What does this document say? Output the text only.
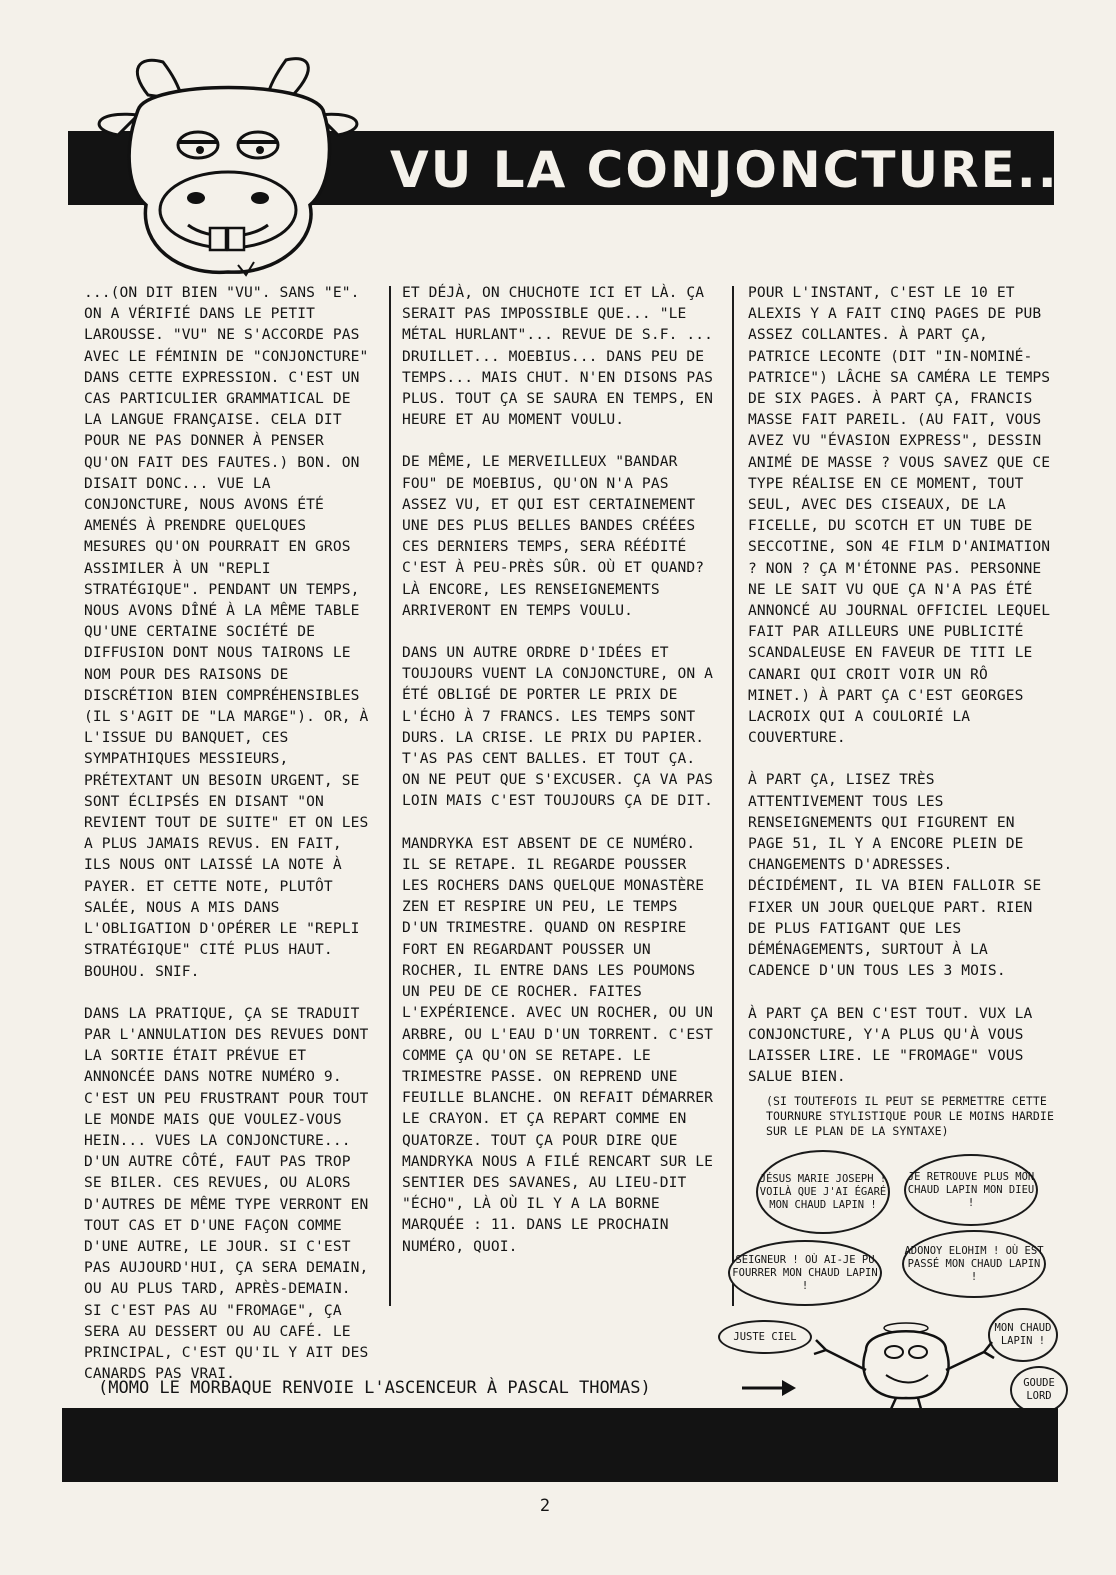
VU LA CONJONCTURE...

...(ON DIT BIEN "VU". SANS "E". ON A VÉRIFIÉ DANS LE PETIT LAROUSSE. "VU" NE S'ACCORDE PAS AVEC LE FÉMININ DE "CONJONCTURE" DANS CETTE EXPRESSION. C'EST UN CAS PARTICULIER GRAMMATICAL DE LA LANGUE FRANÇAISE. CELA DIT POUR NE PAS DONNER À PENSER QU'ON FAIT DES FAUTES.) BON. ON DISAIT DONC... VUE LA CONJONCTURE, NOUS AVONS ÉTÉ AMENÉS À PRENDRE QUELQUES MESURES QU'ON POURRAIT EN GROS ASSIMILER À UN "REPLI STRATÉGIQUE". PENDANT UN TEMPS, NOUS AVONS DÎNÉ À LA MÊME TABLE QU'UNE CERTAINE SOCIÉTÉ DE DIFFUSION DONT NOUS TAIRONS LE NOM POUR DES RAISONS DE DISCRÉTION BIEN COMPRÉHENSIBLES (IL S'AGIT DE "LA MARGE"). OR, À L'ISSUE DU BANQUET, CES SYMPATHIQUES MESSIEURS, PRÉTEXTANT UN BESOIN URGENT, SE SONT ÉCLIPSÉS EN DISANT "ON REVIENT TOUT DE SUITE" ET ON LES A PLUS JAMAIS REVUS. EN FAIT, ILS NOUS ONT LAISSÉ LA NOTE À PAYER. ET CETTE NOTE, PLUTÔT SALÉE, NOUS A MIS DANS L'OBLIGATION D'OPÉRER LE "REPLI STRATÉGIQUE" CITÉ PLUS HAUT. BOUHOU. SNIF.

DANS LA PRATIQUE, ÇA SE TRADUIT PAR L'ANNULATION DES REVUES DONT LA SORTIE ÉTAIT PRÉVUE ET ANNONCÉE DANS NOTRE NUMÉRO 9. C'EST UN PEU FRUSTRANT POUR TOUT LE MONDE MAIS QUE VOULEZ-VOUS HEIN... VUES LA CONJONCTURE... D'UN AUTRE CÔTÉ, FAUT PAS TROP SE BILER. CES REVUES, OU ALORS D'AUTRES DE MÊME TYPE VERRONT EN TOUT CAS ET D'UNE FAÇON COMME D'UNE AUTRE, LE JOUR. SI C'EST PAS AUJOURD'HUI, ÇA SERA DEMAIN, OU AU PLUS TARD, APRÈS-DEMAIN. SI C'EST PAS AU "FROMAGE", ÇA SERA AU DESSERT OU AU CAFÉ. LE PRINCIPAL, C'EST QU'IL Y AIT DES CANARDS PAS VRAI.

ET DÉJÀ, ON CHUCHOTE ICI ET LÀ. ÇA SERAIT PAS IMPOSSIBLE QUE... "LE MÉTAL HURLANT"... REVUE DE S.F. ... DRUILLET... MOEBIUS... DANS PEU DE TEMPS... MAIS CHUT. N'EN DISONS PAS PLUS. TOUT ÇA SE SAURA EN TEMPS, EN HEURE ET AU MOMENT VOULU.

DE MÊME, LE MERVEILLEUX "BANDAR FOU" DE MOEBIUS, QU'ON N'A PAS ASSEZ VU, ET QUI EST CERTAINEMENT UNE DES PLUS BELLES BANDES CRÉÉES CES DERNIERS TEMPS, SERA RÉÉDITÉ C'EST À PEU-PRÈS SÛR. OÙ ET QUAND? LÀ ENCORE, LES RENSEIGNEMENTS ARRIVERONT EN TEMPS VOULU.

DANS UN AUTRE ORDRE D'IDÉES ET TOUJOURS VUENT LA CONJONCTURE, ON A ÉTÉ OBLIGÉ DE PORTER LE PRIX DE L'ÉCHO À 7 FRANCS. LES TEMPS SONT DURS. LA CRISE. LE PRIX DU PAPIER. T'AS PAS CENT BALLES. ET TOUT ÇA. ON NE PEUT QUE S'EXCUSER. ÇA VA PAS LOIN MAIS C'EST TOUJOURS ÇA DE DIT.

MANDRYKA EST ABSENT DE CE NUMÉRO. IL SE RETAPE. IL REGARDE POUSSER LES ROCHERS DANS QUELQUE MONASTÈRE ZEN ET RESPIRE UN PEU, LE TEMPS D'UN TRIMESTRE. QUAND ON RESPIRE FORT EN REGARDANT POUSSER UN ROCHER, IL ENTRE DANS LES POUMONS UN PEU DE CE ROCHER. FAITES L'EXPÉRIENCE. AVEC UN ROCHER, OU UN ARBRE, OU L'EAU D'UN TORRENT. C'EST COMME ÇA QU'ON SE RETAPE. LE TRIMESTRE PASSE. ON REPREND UNE FEUILLE BLANCHE. ON REFAIT DÉMARRER LE CRAYON. ET ÇA REPART COMME EN QUATORZE. TOUT ÇA POUR DIRE QUE MANDRYKA NOUS A FILÉ RENCART SUR LE SENTIER DES SAVANES, AU LIEU-DIT "ÉCHO", LÀ OÙ IL Y A LA BORNE MARQUÉE : 11. DANS LE PROCHAIN NUMÉRO, QUOI.

POUR L'INSTANT, C'EST LE 10 ET ALEXIS Y A FAIT CINQ PAGES DE PUB ASSEZ COLLANTES. À PART ÇA, PATRICE LECONTE (DIT "IN-NOMINÉ-PATRICE") LÂCHE SA CAMÉRA LE TEMPS DE SIX PAGES. À PART ÇA, FRANCIS MASSE FAIT PAREIL. (AU FAIT, VOUS AVEZ VU "ÉVASION EXPRESS", DESSIN ANIMÉ DE MASSE ? VOUS SAVEZ QUE CE TYPE RÉALISE EN CE MOMENT, TOUT SEUL, AVEC DES CISEAUX, DE LA FICELLE, DU SCOTCH ET UN TUBE DE SECCOTINE, SON 4E FILM D'ANIMATION ? NON ? ÇA M'ÉTONNE PAS. PERSONNE NE LE SAIT VU QUE ÇA N'A PAS ÉTÉ ANNONCÉ AU JOURNAL OFFICIEL LEQUEL FAIT PAR AILLEURS UNE PUBLICITÉ SCANDALEUSE EN FAVEUR DE TITI LE CANARI QUI CROIT VOIR UN RÔ MINET.) À PART ÇA C'EST GEORGES LACROIX QUI A COULORIÉ LA COUVERTURE.

À PART ÇA, LISEZ TRÈS ATTENTIVEMENT TOUS LES RENSEIGNEMENTS QUI FIGURENT EN PAGE 51, IL Y A ENCORE PLEIN DE CHANGEMENTS D'ADRESSES. DÉCIDÉMENT, IL VA BIEN FALLOIR SE FIXER UN JOUR QUELQUE PART. RIEN DE PLUS FATIGANT QUE LES DÉMÉNAGEMENTS, SURTOUT À LA CADENCE D'UN TOUS LES 3 MOIS.

À PART ÇA BEN C'EST TOUT. VUX LA CONJONCTURE, Y'A PLUS QU'À VOUS LAISSER LIRE. LE "FROMAGE" VOUS SALUE BIEN.

(SI TOUTEFOIS IL PEUT SE PERMETTRE CETTE TOURNURE STYLISTIQUE POUR LE MOINS HARDIE SUR LE PLAN DE LA SYNTAXE)
JÉSUS MARIE JOSEPH ! VOILÀ QUE J'AI ÉGARÉ MON CHAUD LAPIN !
JE RETROUVE PLUS MON CHAUD LAPIN MON DIEU !
SEIGNEUR ! OÙ AI-JE PU FOURRER MON CHAUD LAPIN !
ADONOY ELOHIM ! OÙ EST PASSÉ MON CHAUD LAPIN !
JUSTE CIEL
MON CHAUD LAPIN !
GOUDE LORD
(MOMO LE MORBAQUE RENVOIE L'ASCENCEUR À PASCAL THOMAS)
2
